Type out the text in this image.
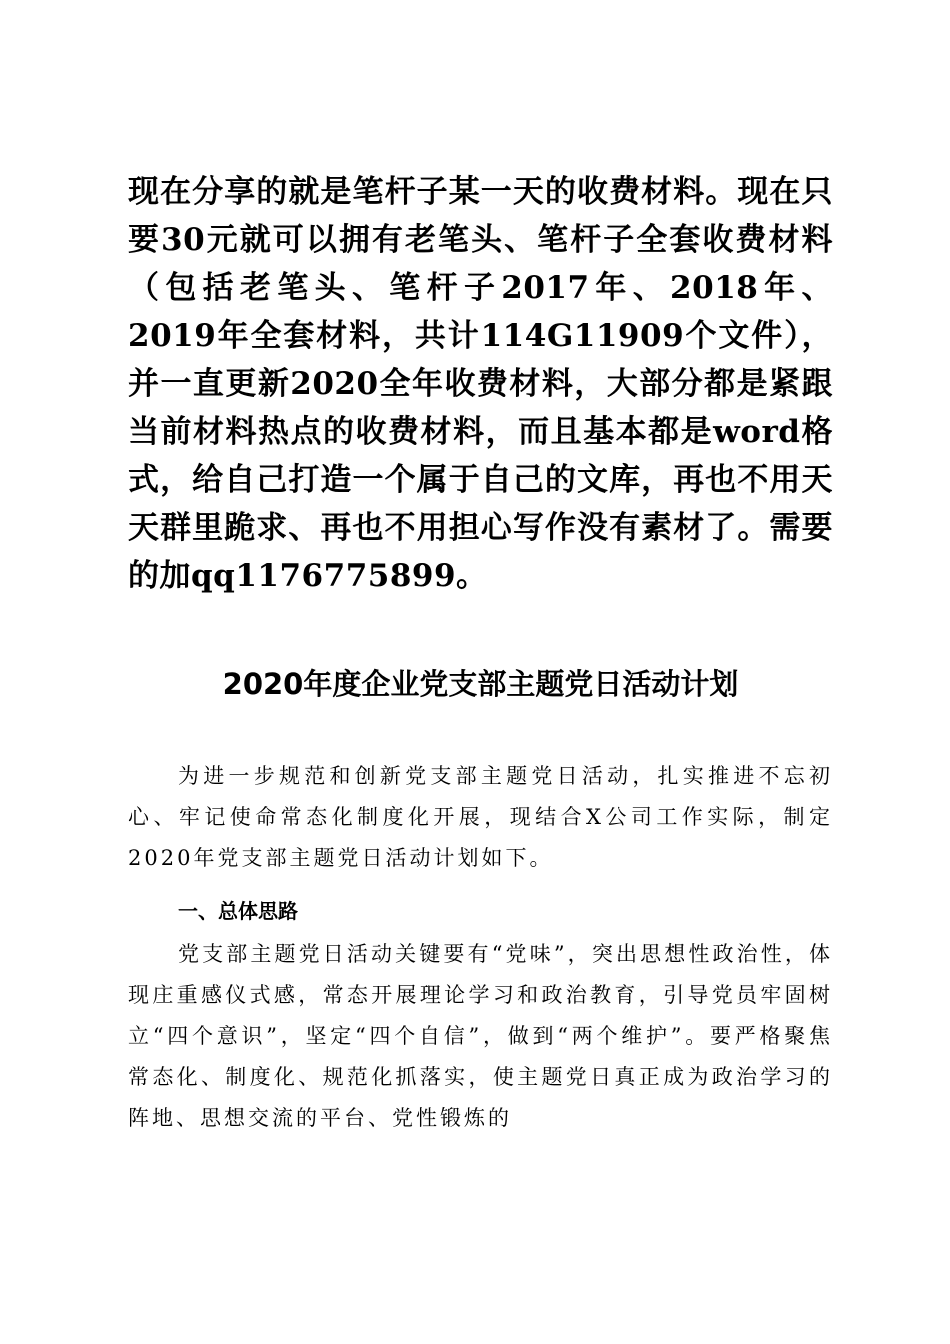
现在分享的就是笔杆子某一天的收费材料。现在只要30元就可以拥有老笔头、笔杆子全套收费材料（包括老笔头、笔杆子2017年、2018年、2019年全套材料，共计114G11909个文件），并一直更新2020全年收费材料，大部分都是紧跟当前材料热点的收费材料，而且基本都是word格式，给自己打造一个属于自己的文库，再也不用天天群里跪求、再也不用担心写作没有素材了。需要的加qq1176775899。

2020年度企业党支部主题党日活动计划

为进一步规范和创新党支部主题党日活动，扎实推进不忘初心、牢记使命常态化制度化开展，现结合X公司工作实际，制定2020年党支部主题党日活动计划如下。

一、总体思路

党支部主题党日活动关键要有“党味”，突出思想性政治性，体现庄重感仪式感，常态开展理论学习和政治教育，引导党员牢固树立“四个意识”，坚定“四个自信”，做到“两个维护”。要严格聚焦常态化、制度化、规范化抓落实，使主题党日真正成为政治学习的阵地、思想交流的平台、党性锻炼的
